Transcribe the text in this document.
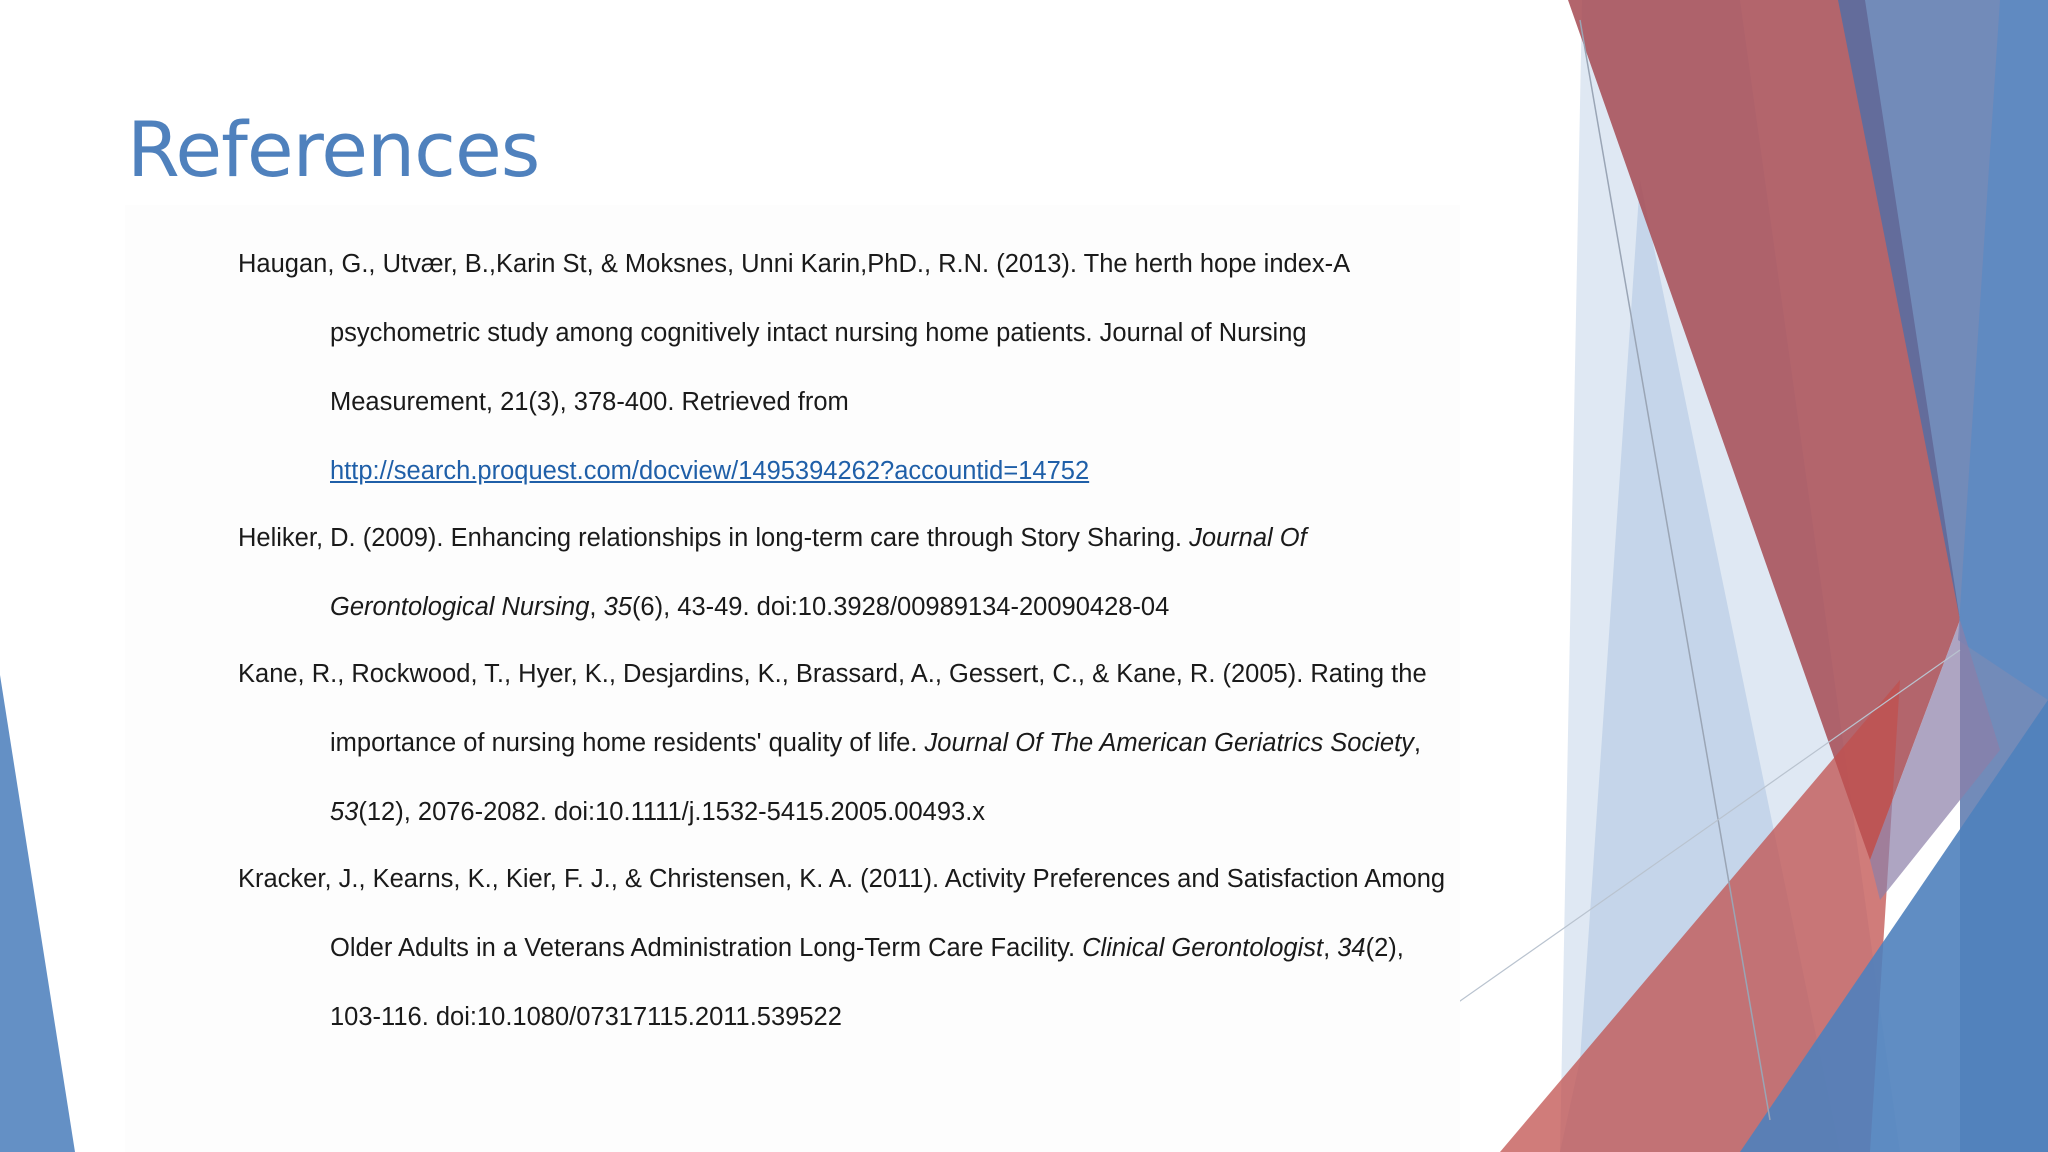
References
Haugan, G., Utvær, B.,Karin St, & Moksnes, Unni Karin,PhD., R.N. (2013). The herth hope index-A
psychometric study among cognitively intact nursing home patients. Journal of Nursing
Measurement, 21(3), 378-400. Retrieved from
http://search.proquest.com/docview/1495394262?accountid=14752
Heliker, D. (2009). Enhancing relationships in long-term care through Story Sharing. Journal Of
Gerontological Nursing, 35(6), 43-49. doi:10.3928/00989134-20090428-04
Kane, R., Rockwood, T., Hyer, K., Desjardins, K., Brassard, A., Gessert, C., & Kane, R. (2005). Rating the
importance of nursing home residents' quality of life. Journal Of The American Geriatrics Society,
53(12), 2076-2082. doi:10.1111/j.1532-5415.2005.00493.x
Kracker, J., Kearns, K., Kier, F. J., & Christensen, K. A. (2011). Activity Preferences and Satisfaction Among
Older Adults in a Veterans Administration Long-Term Care Facility. Clinical Gerontologist, 34(2),
103-116. doi:10.1080/07317115.2011.539522
